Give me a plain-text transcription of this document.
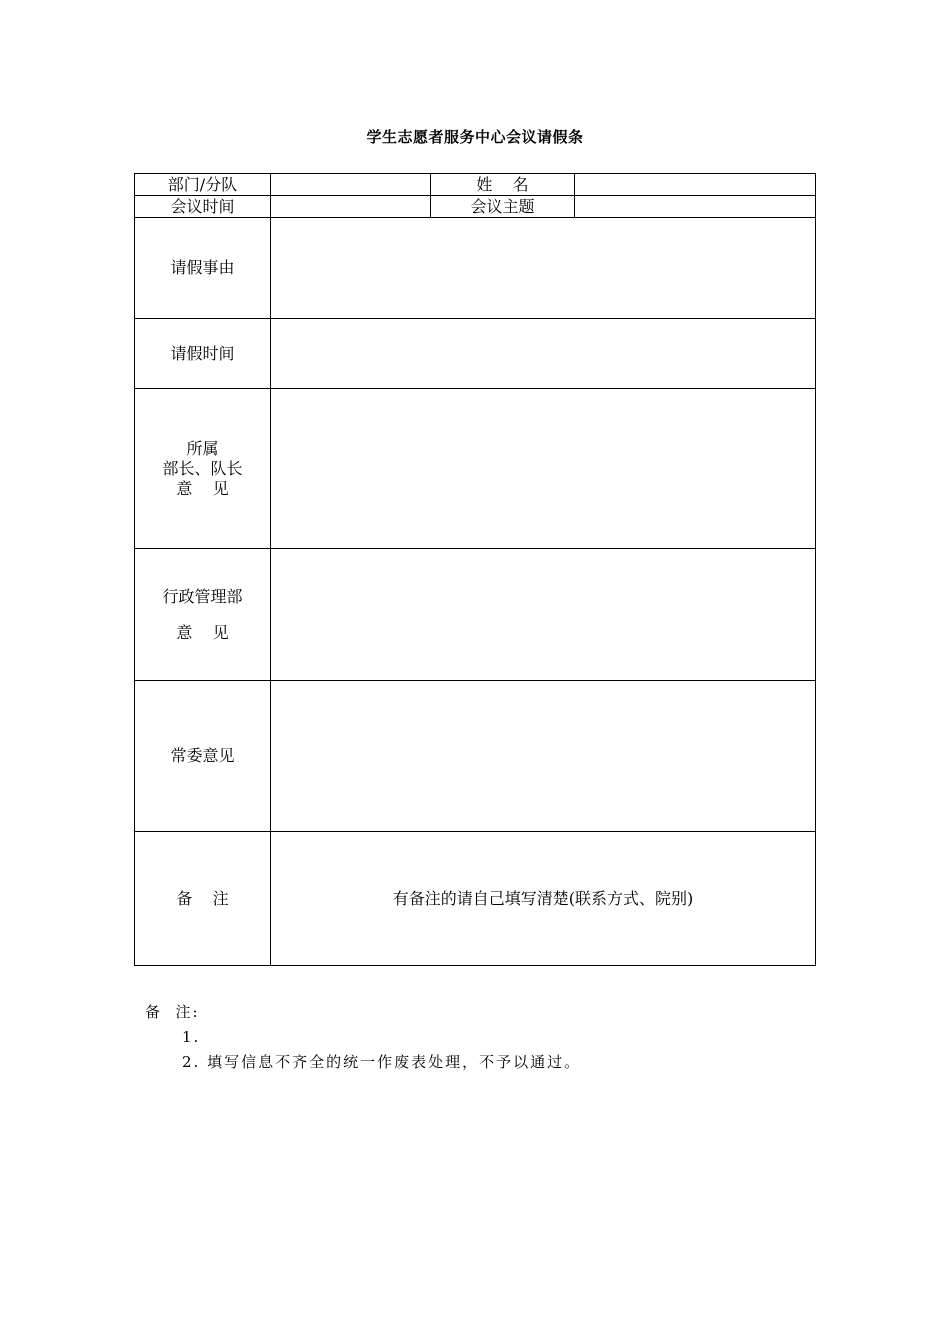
学生志愿者服务中心会议请假条
部门/分队		姓    名	
会议时间		会议主题	
请假事由			
请假时间			

所属
部长、队长
意    见			

行政管理部
意    见			

常委意见			
备    注	有备注的请自己填写清楚(联系方式、院别)		
备  注:
1.
2. 填写信息不齐全的统一作废表处理，不予以通过。
